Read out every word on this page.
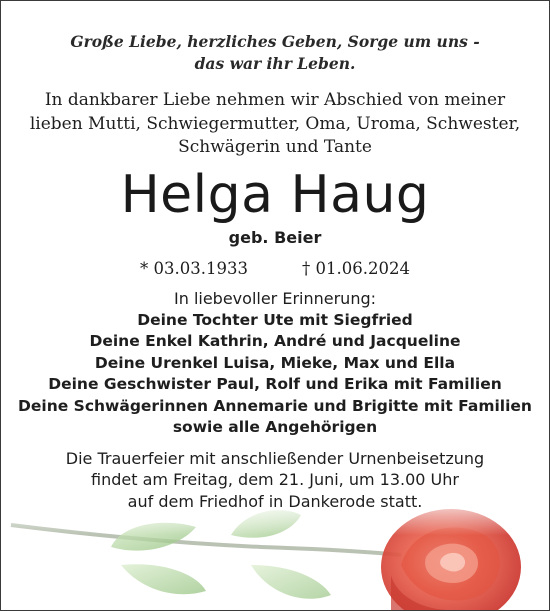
Große Liebe, herzliches Geben, Sorge um uns -
das war ihr Leben.
In dankbarer Liebe nehmen wir Abschied von meiner
lieben Mutti, Schwiegermutter, Oma, Uroma, Schwester,
Schwägerin und Tante
Helga Haug
geb. Beier
* 03.03.1933	† 01.06.2024
In liebevoller Erinnerung:
Deine Tochter Ute mit Siegfried
Deine Enkel Kathrin, André und Jacqueline
Deine Urenkel Luisa, Mieke, Max und Ella
Deine Geschwister Paul, Rolf und Erika mit Familien
Deine Schwägerinnen Annemarie und Brigitte mit Familien
sowie alle Angehörigen
Die Trauerfeier mit anschließender Urnenbeisetzung
findet am Freitag, dem 21. Juni, um 13.00 Uhr
auf dem Friedhof in Dankerode statt.
